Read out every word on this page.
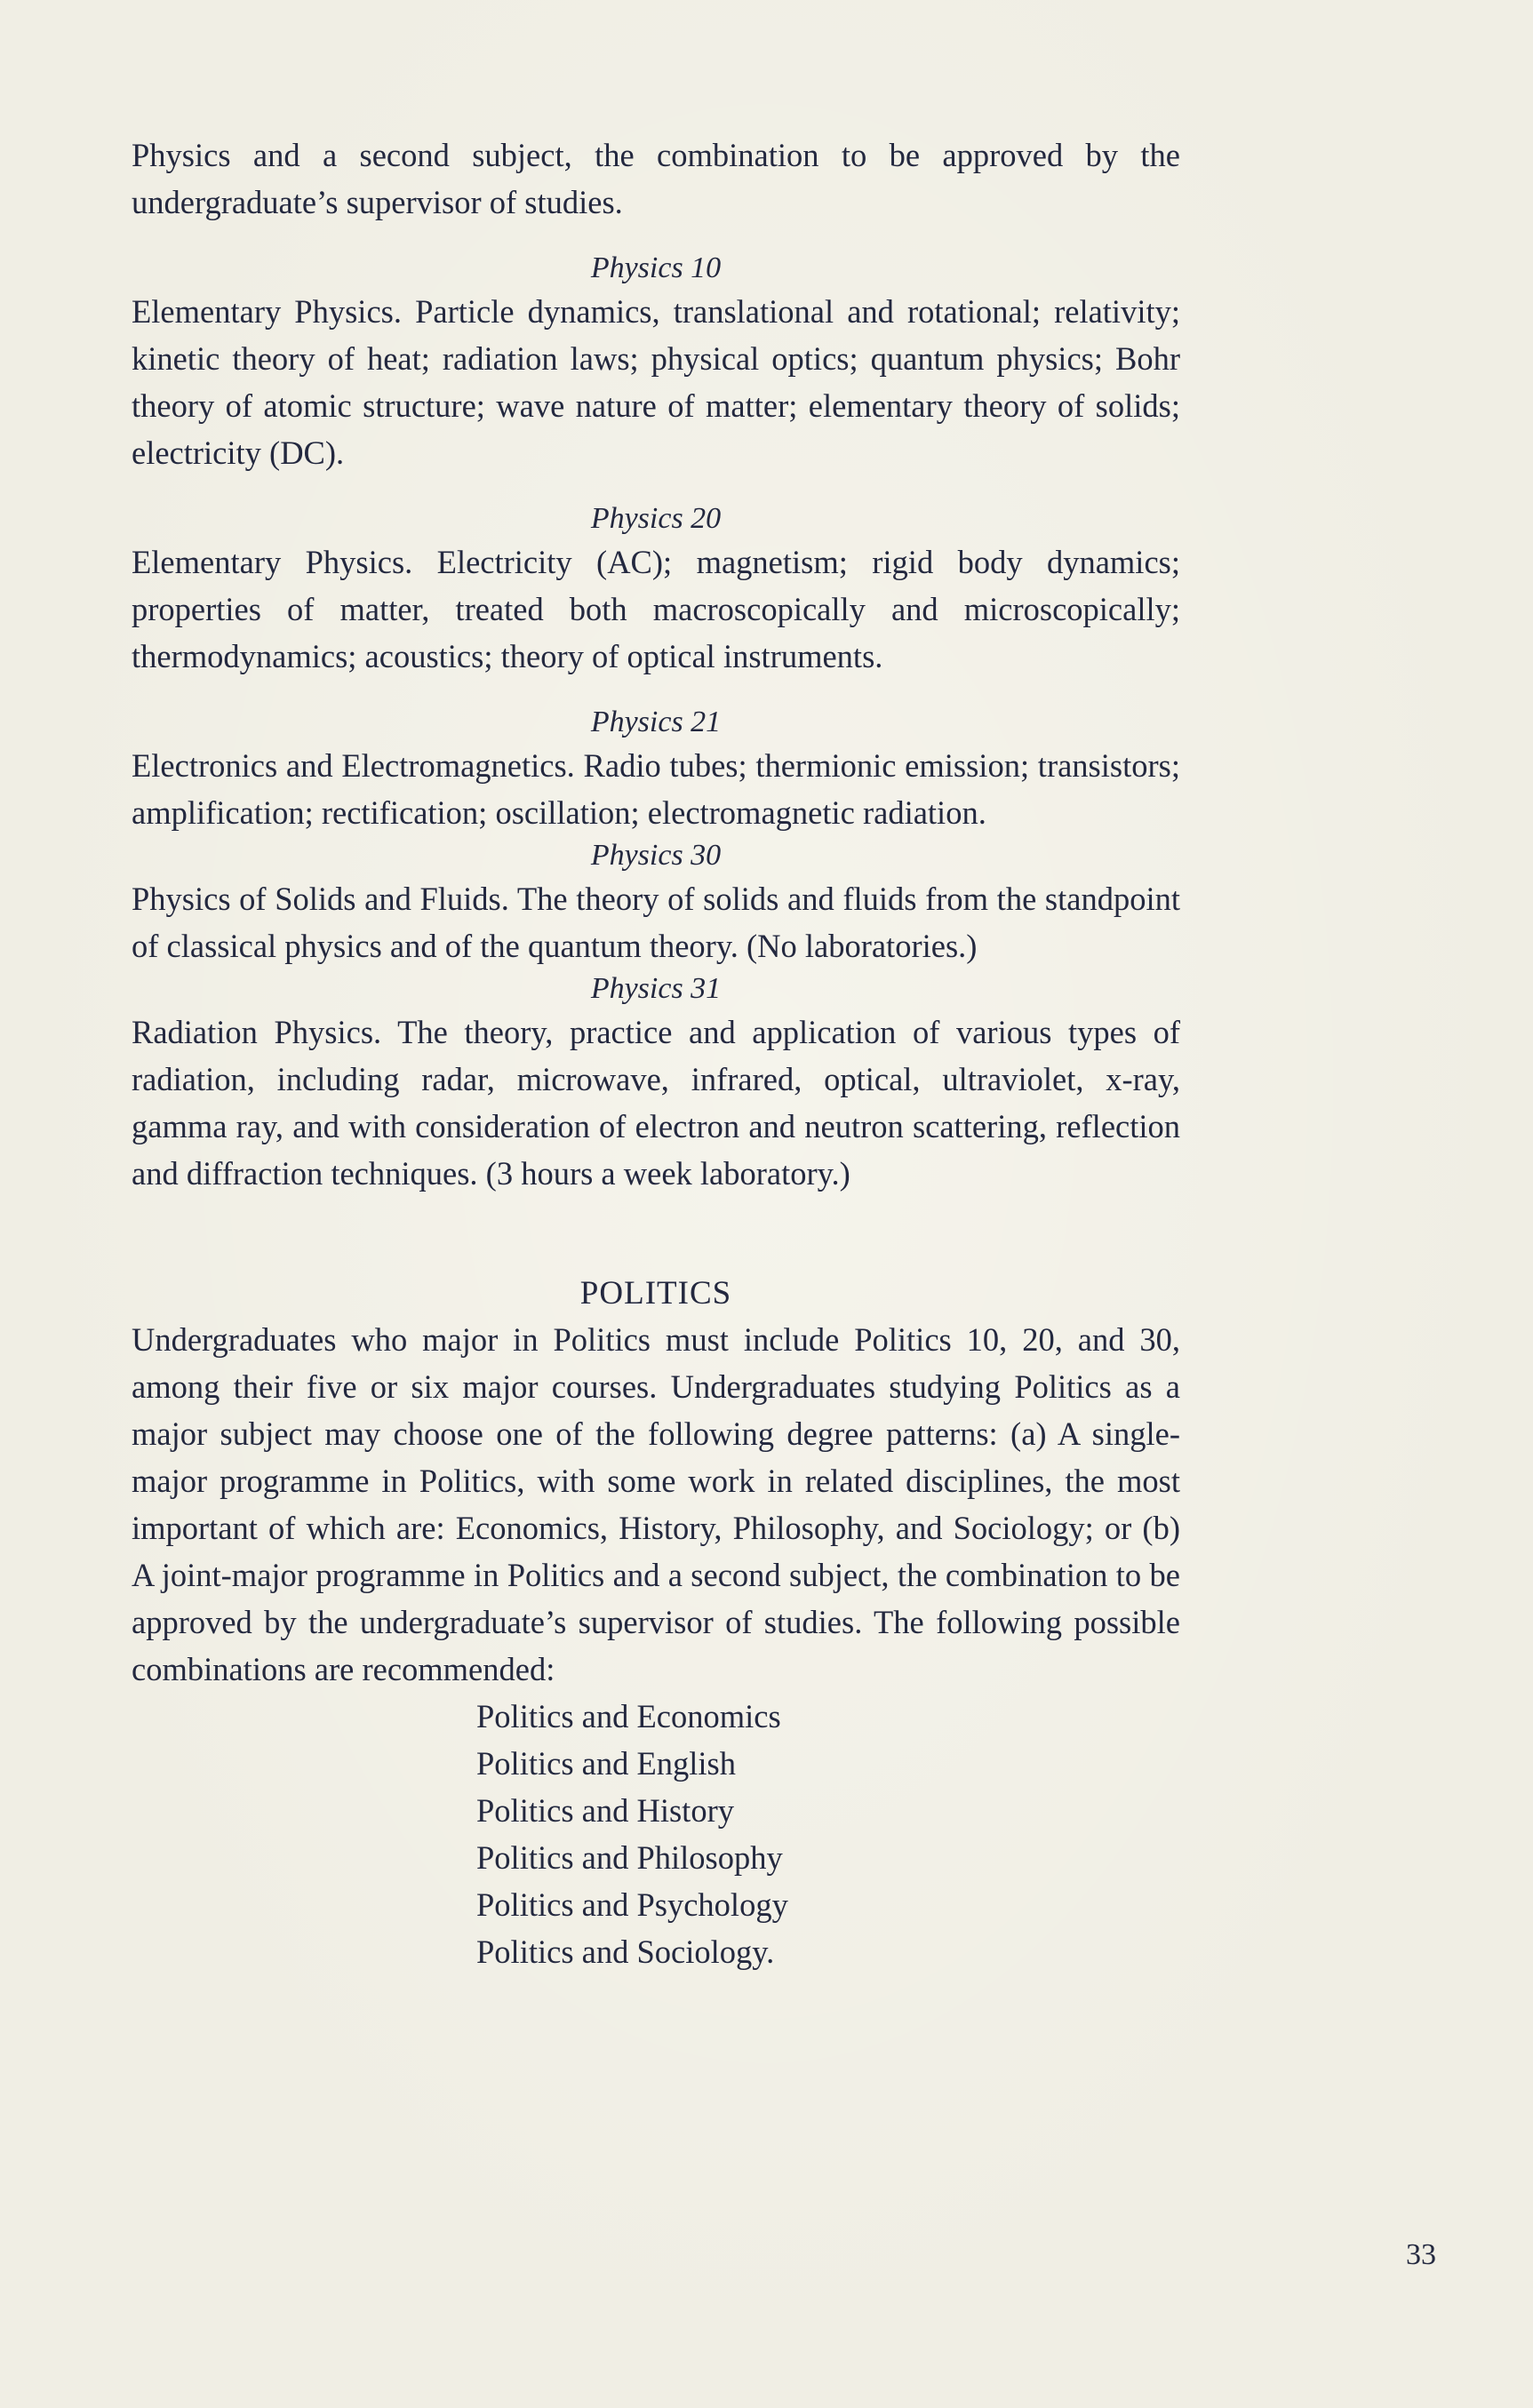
Physics and a second subject, the combination to be approved by the undergraduate’s supervisor of studies.

Physics 10

Elementary Physics. Particle dynamics, translational and rotational; relativity; kinetic theory of heat; radiation laws; physical optics; quantum physics; Bohr theory of atomic structure; wave nature of matter; elementary theory of solids; electricity (DC).

Physics 20

Elementary Physics. Electricity (AC); magnetism; rigid body dynamics; properties of matter, treated both macroscopically and microscopically; thermodynamics; acoustics; theory of optical instruments.

Physics 21

Electronics and Electromagnetics. Radio tubes; thermionic emission; transistors; amplification; rectification; oscillation; electromagnetic radiation.

Physics 30

Physics of Solids and Fluids. The theory of solids and fluids from the standpoint of classical physics and of the quantum theory. (No laboratories.)

Physics 31

Radiation Physics. The theory, practice and application of various types of radiation, including radar, microwave, infrared, optical, ultraviolet, x-ray, gamma ray, and with consideration of electron and neutron scattering, reflection and diffraction techniques. (3 hours a week laboratory.)

POLITICS

Undergraduates who major in Politics must include Politics 10, 20, and 30, among their five or six major courses. Undergraduates studying Politics as a major subject may choose one of the following degree patterns: (a) A single-major programme in Politics, with some work in related disciplines, the most important of which are: Economics, History, Philosophy, and Sociology; or (b) A joint-major programme in Politics and a second subject, the combination to be approved by the undergraduate’s supervisor of studies. The following possible combinations are recommended:

Politics and Economics
Politics and English
Politics and History
Politics and Philosophy
Politics and Psychology
Politics and Sociology.
33
